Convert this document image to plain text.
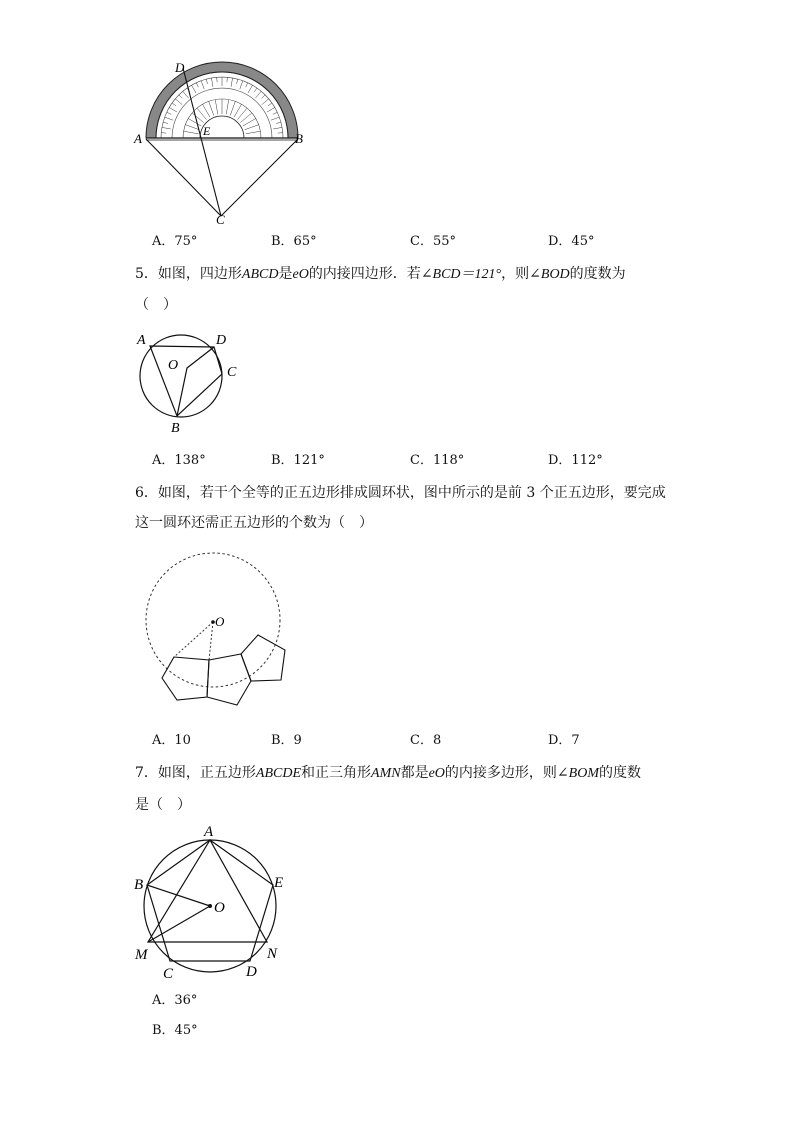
D
A	E	B
C
A．75°	B．65°	C．55°	D．45°
5．如图，四边形ABCD是eO的内接四边形．若∠BCD＝121°，则∠BOD的度数为
（　）
A	D
O	C
B
A．138°	B．121°	C．118°	D．112°
6．如图，若干个全等的正五边形排成圆环状，图中所示的是前 3 个正五边形，要完成
这一圆环还需正五边形的个数为（　）
O
A．10	B．9	C．8	D．7
7．如图，正五边形ABCDE和正三角形AMN都是eO的内接多边形，则∠BOM的度数
是（　）
A
B	E
O
M	N
C	D
A．36°
B．45°
